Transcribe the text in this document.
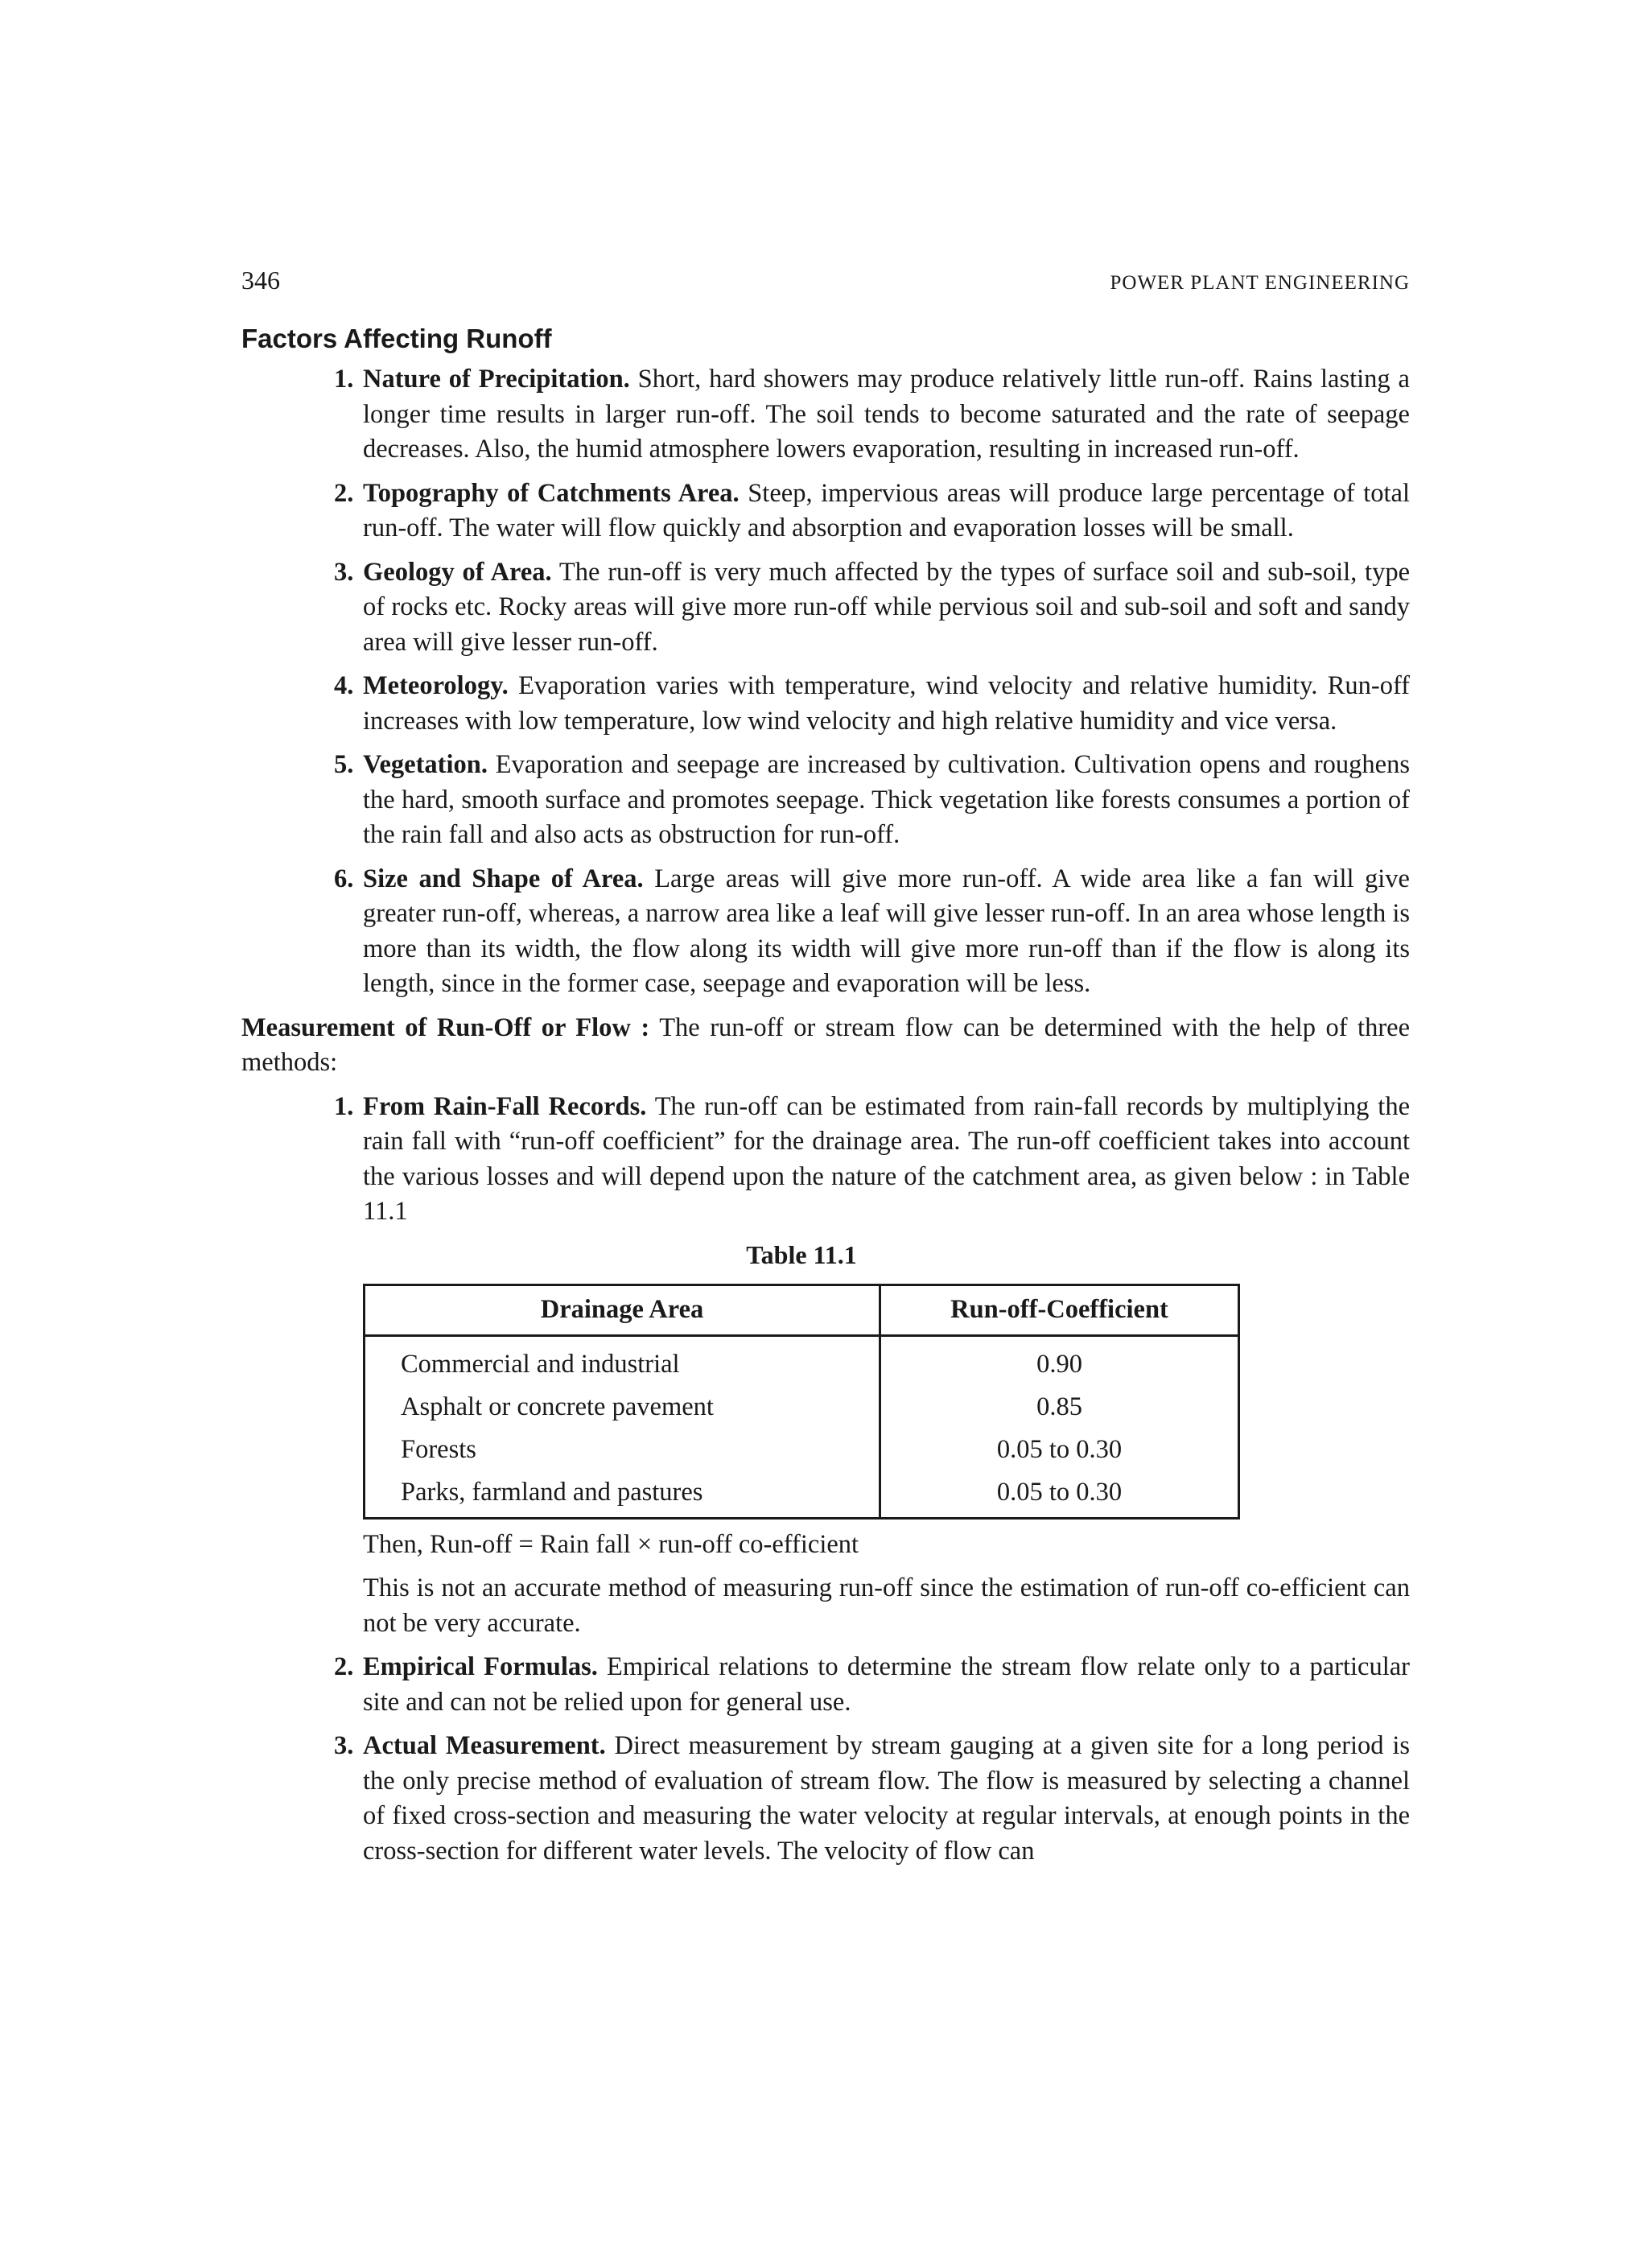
346	POWER PLANT ENGINEERING
Factors Affecting Runoff
1. Nature of Precipitation. Short, hard showers may produce relatively little run-off. Rains lasting a longer time results in larger run-off. The soil tends to become saturated and the rate of seepage decreases. Also, the humid atmosphere lowers evaporation, resulting in increased run-off.

2. Topography of Catchments Area. Steep, impervious areas will produce large percentage of total run-off. The water will flow quickly and absorption and evaporation losses will be small.

3. Geology of Area. The run-off is very much affected by the types of surface soil and sub-soil, type of rocks etc. Rocky areas will give more run-off while pervious soil and sub-soil and soft and sandy area will give lesser run-off.

4. Meteorology. Evaporation varies with temperature, wind velocity and relative humidity. Run-off increases with low temperature, low wind velocity and high relative humidity and vice versa.

5. Vegetation. Evaporation and seepage are increased by cultivation. Cultivation opens and roughens the hard, smooth surface and promotes seepage. Thick vegetation like forests consumes a portion of the rain fall and also acts as obstruction for run-off.

6. Size and Shape of Area. Large areas will give more run-off. A wide area like a fan will give greater run-off, whereas, a narrow area like a leaf will give lesser run-off. In an area whose length is more than its width, the flow along its width will give more run-off than if the flow is along its length, since in the former case, seepage and evaporation will be less.

Measurement of Run-Off or Flow : The run-off or stream flow can be determined with the help of three methods:

1. From Rain-Fall Records. The run-off can be estimated from rain-fall records by multiplying the rain fall with “run-off coefficient” for the drainage area. The run-off coefficient takes into account the various losses and will depend upon the nature of the catchment area, as given below : in Table 11.1

Table 11.1
Drainage Area	Run-off-Coefficient
Commercial and industrial	0.90
Asphalt or concrete pavement	0.85
Forests	0.05 to 0.30
Parks, farmland and pastures	0.05 to 0.30

Then, Run-off = Rain fall × run-off co-efficient

This is not an accurate method of measuring run-off since the estimation of run-off co-efficient can not be very accurate.

2. Empirical Formulas. Empirical relations to determine the stream flow relate only to a particular site and can not be relied upon for general use.

3. Actual Measurement. Direct measurement by stream gauging at a given site for a long period is the only precise method of evaluation of stream flow. The flow is measured by selecting a channel of fixed cross-section and measuring the water velocity at regular intervals, at enough points in the cross-section for different water levels. The velocity of flow can
